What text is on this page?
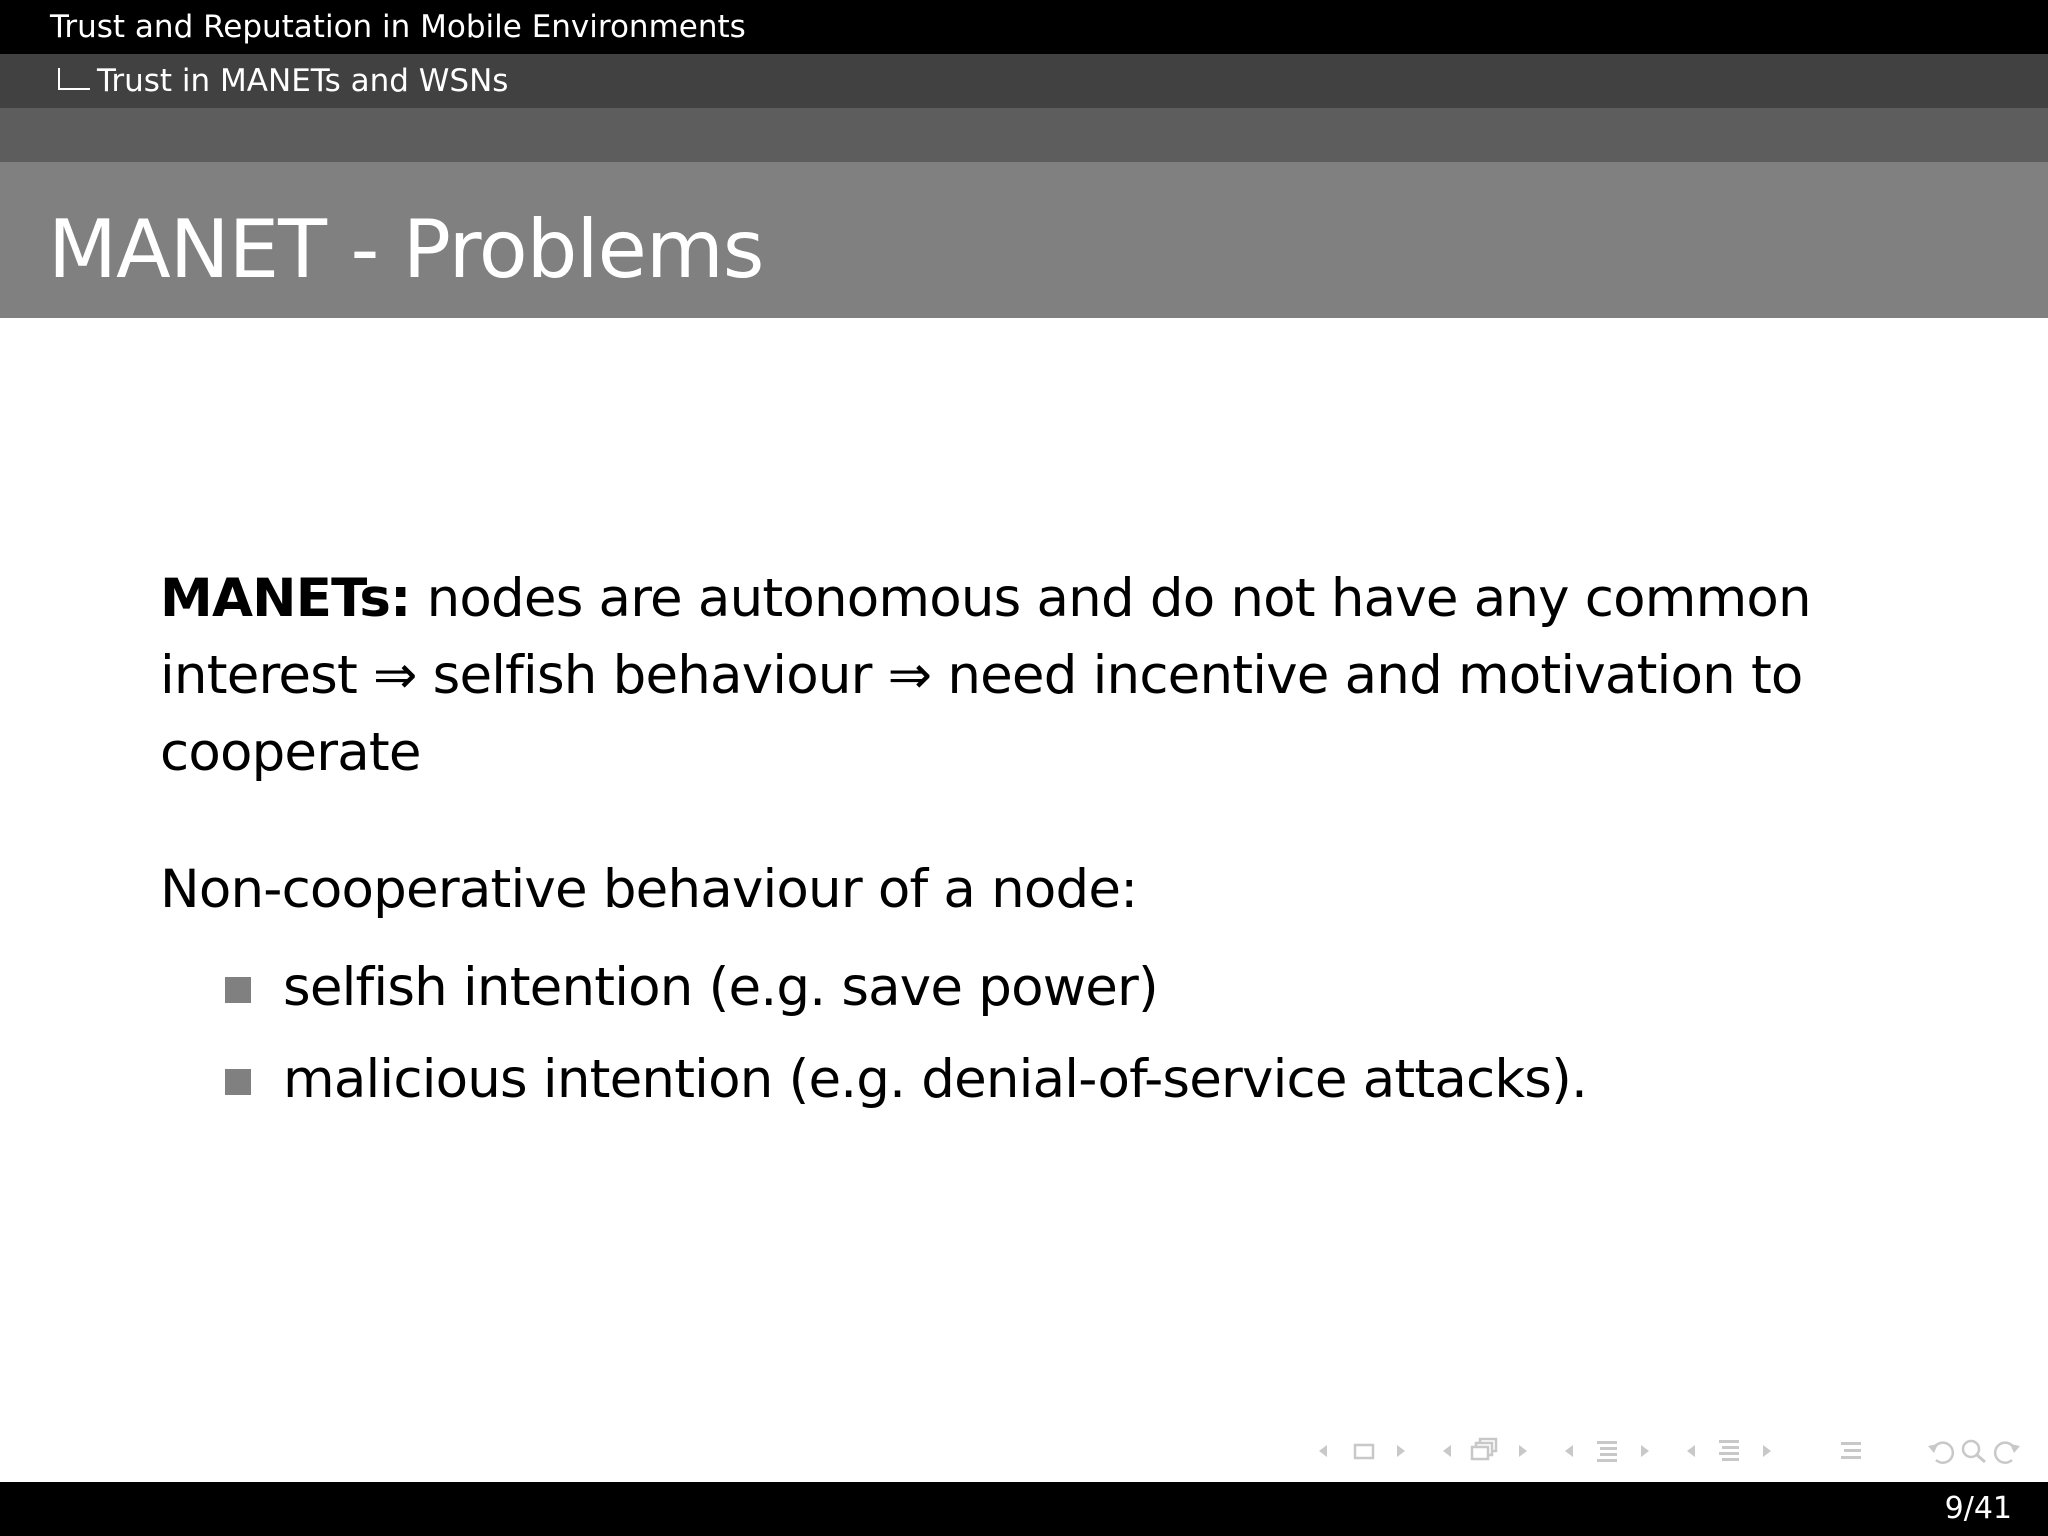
Trust and Reputation in Mobile Environments
Trust in MANETs and WSNs
MANET - Problems

MANETs: nodes are autonomous and do not have any common
interest ⇒ selfish behaviour ⇒ need incentive and motivation to
cooperate

Non-cooperative behaviour of a node:

selfish intention (e.g. save power)
malicious intention (e.g. denial-of-service attacks).
9/41
